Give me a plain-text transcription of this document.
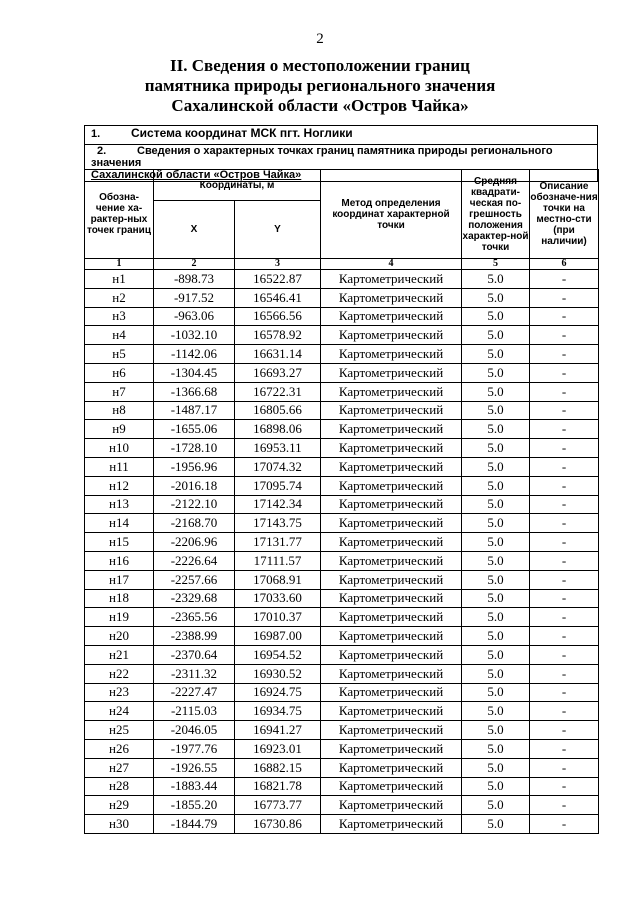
2
II. Сведения о местоположении границ
памятника природы регионального значения
Сахалинской области «Остров Чайка»
1.	Система координат МСК пгт. Ноглики

2.	Сведения о характерных точках границ памятника природы регионального значения
Сахалинской области «Остров Чайка»
Обозна-чение ха-рактер-ных точек границ	Координаты, м		Метод определения координат характерной точки	Средняя квадрати-ческая по-грешность положения характер-ной точки	Описание обозначе-ния точки на местно-сти (при наличии)
	X	Y			
1	2	3	4	5	6
н1	-898.73	16522.87	Картометрический	5.0	-
н2	-917.52	16546.41	Картометрический	5.0	-
н3	-963.06	16566.56	Картометрический	5.0	-
н4	-1032.10	16578.92	Картометрический	5.0	-
н5	-1142.06	16631.14	Картометрический	5.0	-
н6	-1304.45	16693.27	Картометрический	5.0	-
н7	-1366.68	16722.31	Картометрический	5.0	-
н8	-1487.17	16805.66	Картометрический	5.0	-
н9	-1655.06	16898.06	Картометрический	5.0	-
н10	-1728.10	16953.11	Картометрический	5.0	-
н11	-1956.96	17074.32	Картометрический	5.0	-
н12	-2016.18	17095.74	Картометрический	5.0	-
н13	-2122.10	17142.34	Картометрический	5.0	-
н14	-2168.70	17143.75	Картометрический	5.0	-
н15	-2206.96	17131.77	Картометрический	5.0	-
н16	-2226.64	17111.57	Картометрический	5.0	-
н17	-2257.66	17068.91	Картометрический	5.0	-
н18	-2329.68	17033.60	Картометрический	5.0	-
н19	-2365.56	17010.37	Картометрический	5.0	-
н20	-2388.99	16987.00	Картометрический	5.0	-
н21	-2370.64	16954.52	Картометрический	5.0	-
н22	-2311.32	16930.52	Картометрический	5.0	-
н23	-2227.47	16924.75	Картометрический	5.0	-
н24	-2115.03	16934.75	Картометрический	5.0	-
н25	-2046.05	16941.27	Картометрический	5.0	-
н26	-1977.76	16923.01	Картометрический	5.0	-
н27	-1926.55	16882.15	Картометрический	5.0	-
н28	-1883.44	16821.78	Картометрический	5.0	-
н29	-1855.20	16773.77	Картометрический	5.0	-
н30	-1844.79	16730.86	Картометрический	5.0	-
